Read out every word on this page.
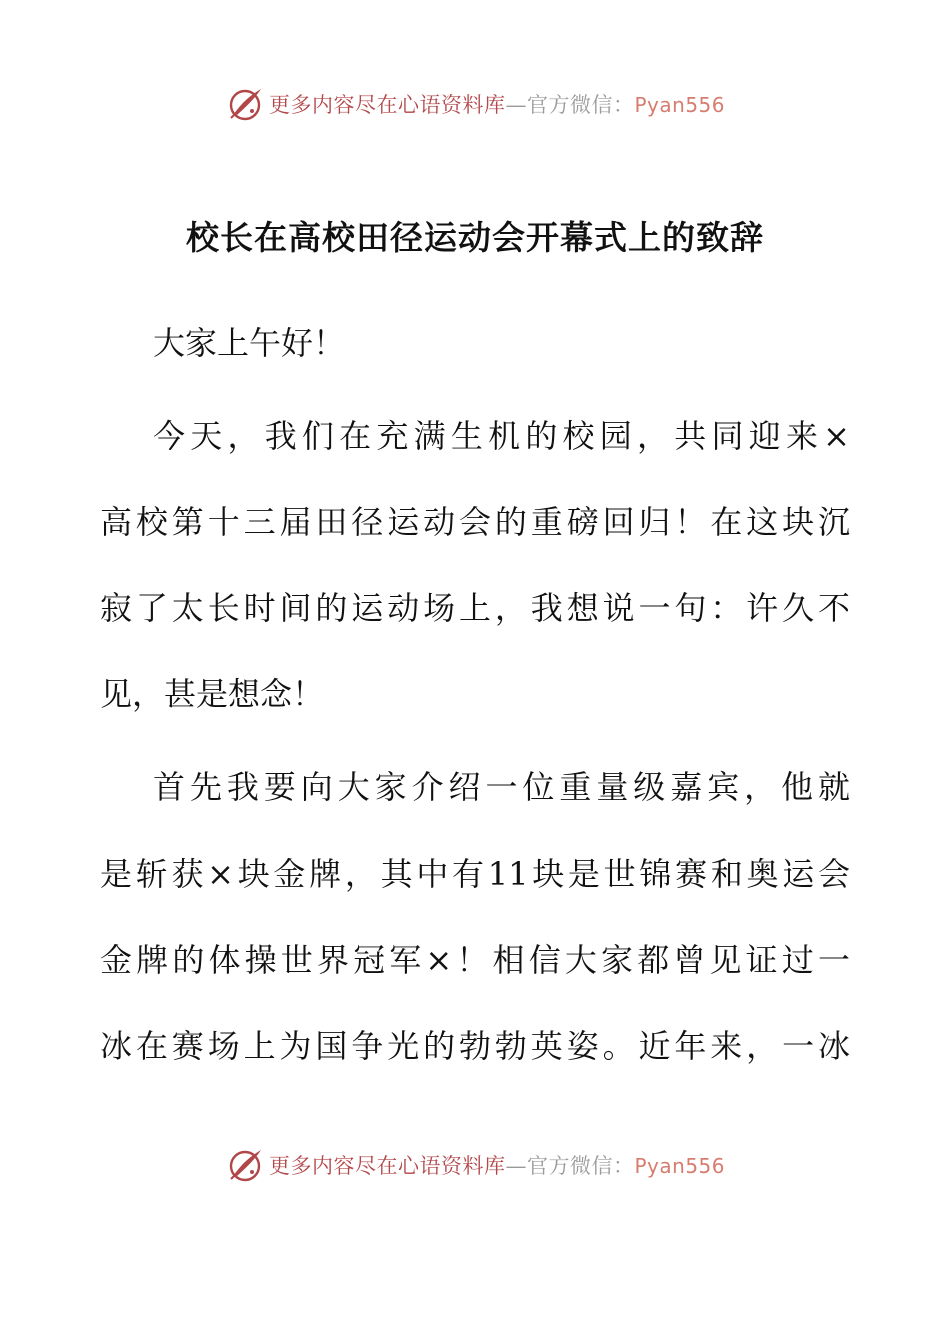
更多内容尽在心语资料库—官方微信：Pyan556
校长在高校田径运动会开幕式上的致辞

大家上午好！

今天，我们在充满生机的校园，共同迎来×

高校第十三届田径运动会的重磅回归！在这块沉

寂了太长时间的运动场上，我想说一句：许久不

见，甚是想念！

首先我要向大家介绍一位重量级嘉宾，他就

是斩获×块金牌，其中有11块是世锦赛和奥运会

金牌的体操世界冠军×！相信大家都曾见证过一

冰在赛场上为国争光的勃勃英姿。近年来，一冰

更多内容尽在心语资料库—官方微信：Pyan556
